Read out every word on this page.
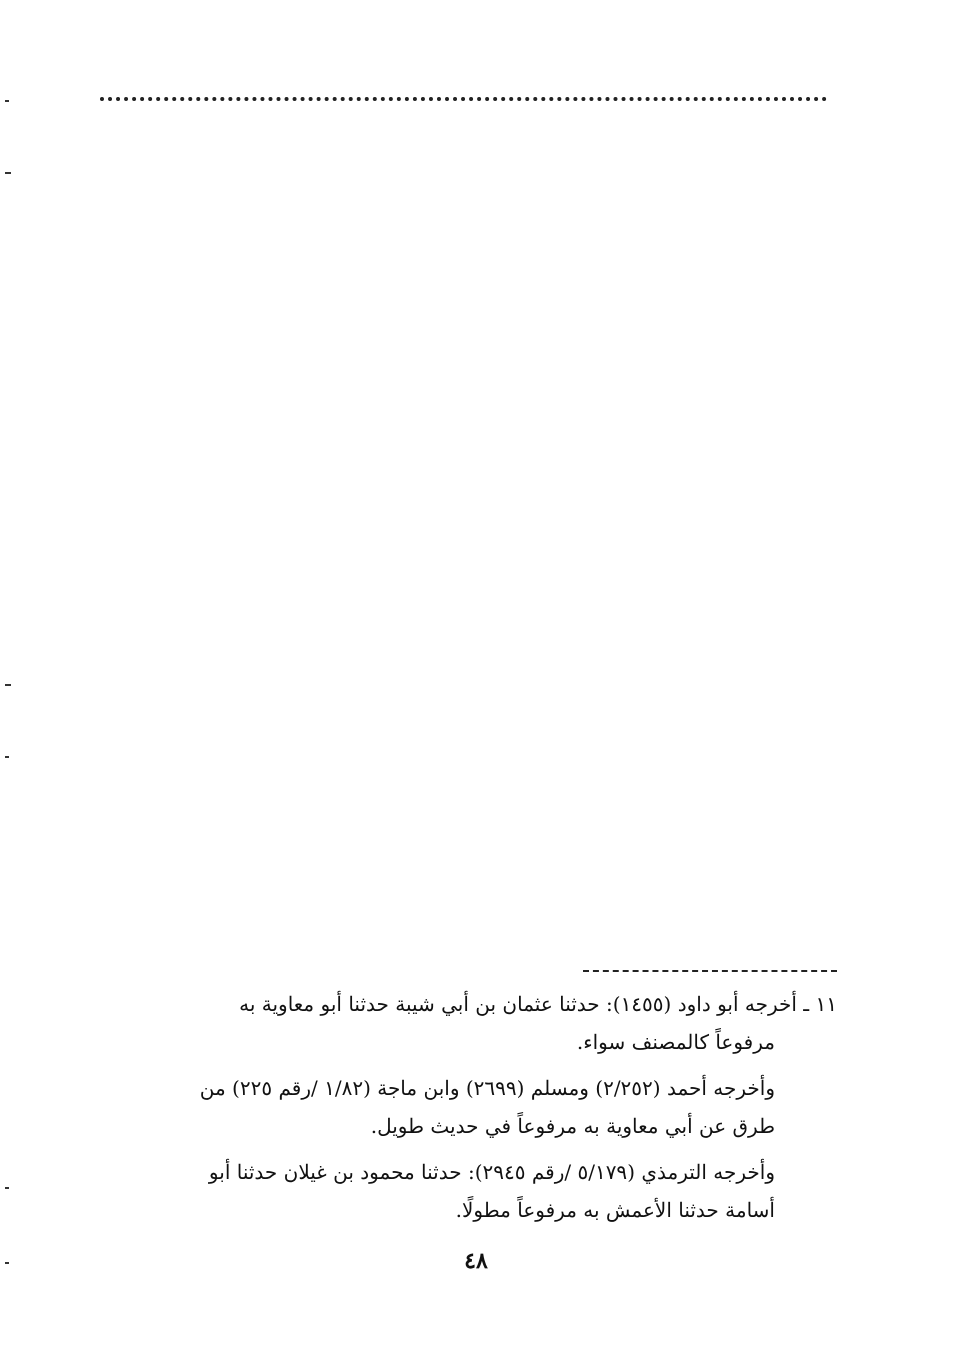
١١ ـ أخرجه أبو داود (١٤٥٥): حدثنا عثمان بن أبي شيبة حدثنا أبو معاوية به
مرفوعاً كالمصنف سواء.

وأخرجه أحمد (٢/٢٥٢) ومسلم (٢٦٩٩) وابن ماجة (١/٨٢ /رقم ٢٢٥) من
طرق عن أبي معاوية به مرفوعاً في حديث طويل.

وأخرجه الترمذي (٥/١٧٩ /رقم ٢٩٤٥): حدثنا محمود بن غيلان حدثنا أبو
أسامة حدثنا الأعمش به مرفوعاً مطولًا.

٤٨
